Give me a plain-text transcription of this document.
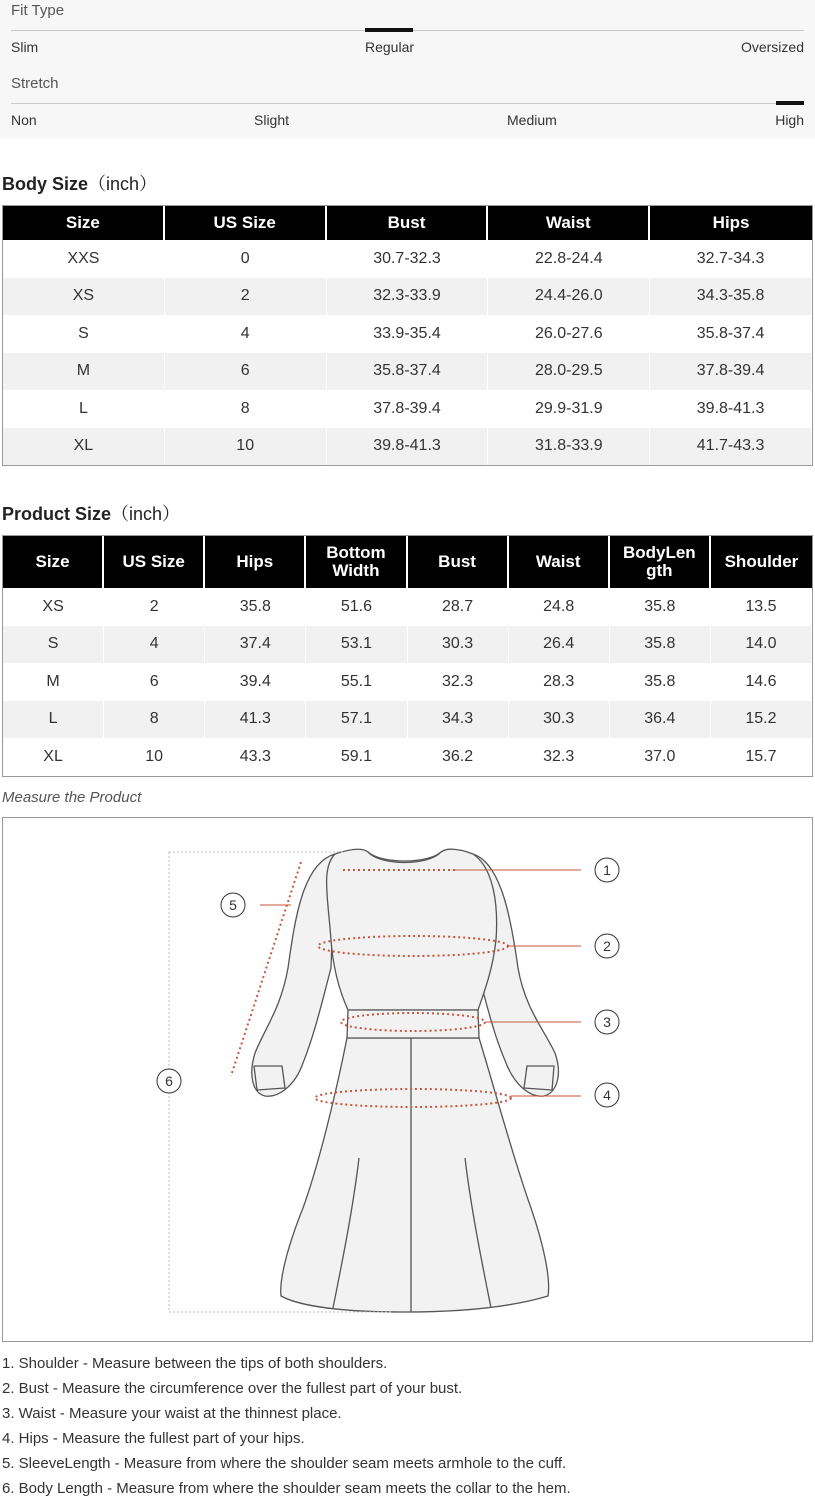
Fit Type
Slim	Regular	Oversized
Stretch
Non	Slight	Medium	High
Body Size（inch）
Size	US Size	Bust	Waist	Hips
XXS	0	30.7-32.3	22.8-24.4	32.7-34.3
XS	2	32.3-33.9	24.4-26.0	34.3-35.8
S	4	33.9-35.4	26.0-27.6	35.8-37.4
M	6	35.8-37.4	28.0-29.5	37.8-39.4
L	8	37.8-39.4	29.9-31.9	39.8-41.3
XL	10	39.8-41.3	31.8-33.9	41.7-43.3
Product Size（inch）
Size	US Size	Hips	Bottom Width	Bust	Waist	BodyLen gth	Shoulder
XS	2	35.8	51.6	28.7	24.8	35.8	13.5
S	4	37.4	53.1	30.3	26.4	35.8	14.0
M	6	39.4	55.1	32.3	28.3	35.8	14.6
L	8	41.3	57.1	34.3	30.3	36.4	15.2
XL	10	43.3	59.1	36.2	32.3	37.0	15.7
Measure the Product
1
2
3
4
5
6
1. Shoulder - Measure between the tips of both shoulders.
2. Bust - Measure the circumference over the fullest part of your bust.
3. Waist - Measure your waist at the thinnest place.
4. Hips - Measure the fullest part of your hips.
5. SleeveLength - Measure from where the shoulder seam meets armhole to the cuff.
6. Body Length - Measure from where the shoulder seam meets the collar to the hem.
